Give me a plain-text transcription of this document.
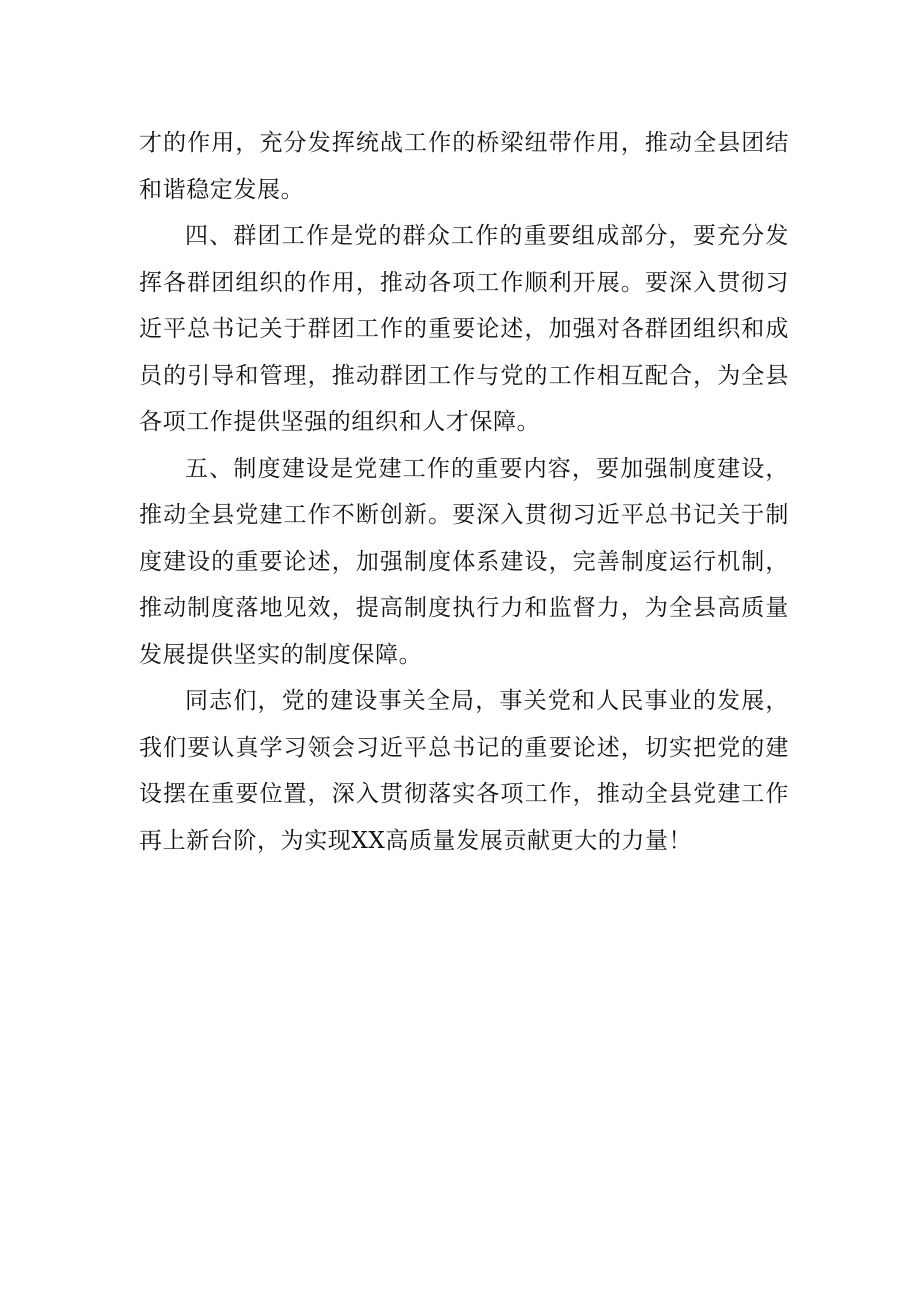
才的作用，充分发挥统战工作的桥梁纽带作用，推动全县团结和谐稳定发展。

四、群团工作是党的群众工作的重要组成部分，要充分发挥各群团组织的作用，推动各项工作顺利开展。要深入贯彻习近平总书记关于群团工作的重要论述，加强对各群团组织和成员的引导和管理，推动群团工作与党的工作相互配合，为全县各项工作提供坚强的组织和人才保障。

五、制度建设是党建工作的重要内容，要加强制度建设，推动全县党建工作不断创新。要深入贯彻习近平总书记关于制度建设的重要论述，加强制度体系建设，完善制度运行机制，推动制度落地见效，提高制度执行力和监督力，为全县高质量发展提供坚实的制度保障。

同志们，党的建设事关全局，事关党和人民事业的发展，我们要认真学习领会习近平总书记的重要论述，切实把党的建设摆在重要位置，深入贯彻落实各项工作，推动全县党建工作再上新台阶，为实现XX高质量发展贡献更大的力量！
